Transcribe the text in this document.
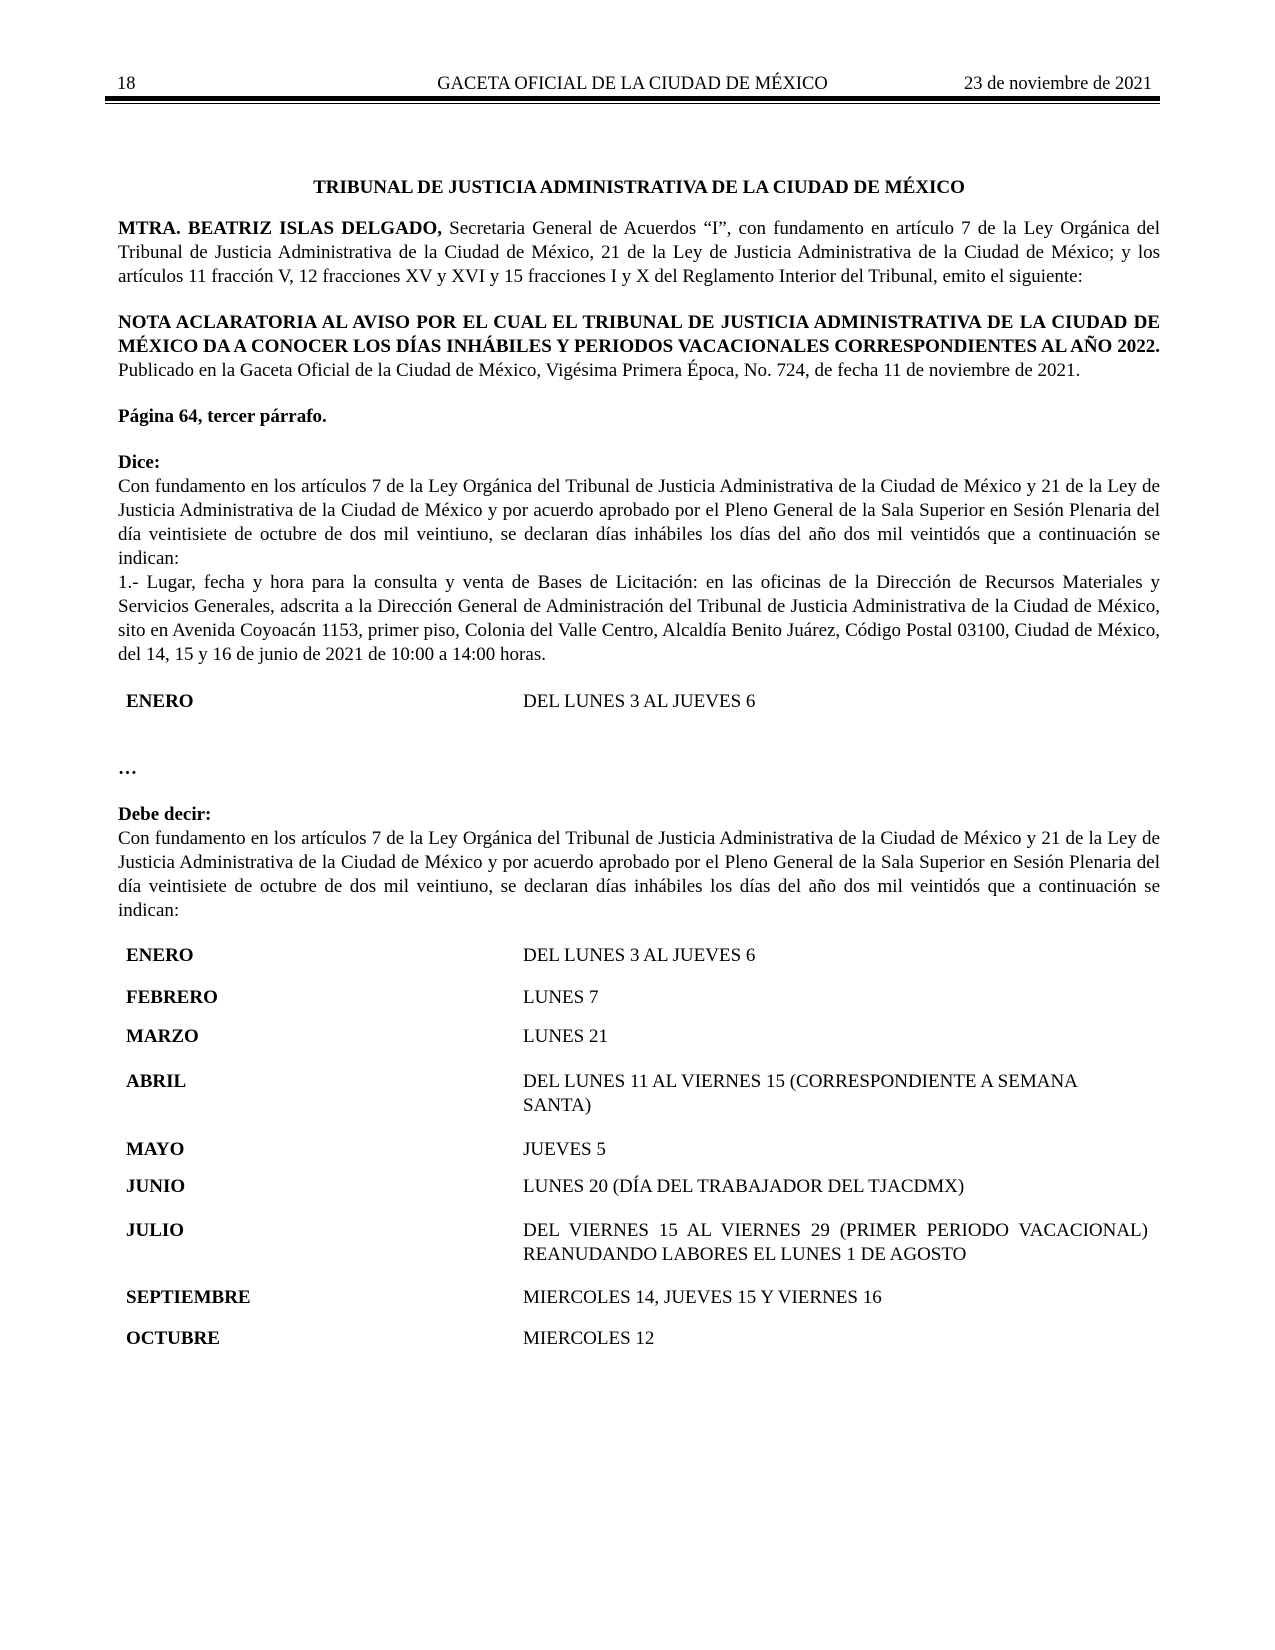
18	GACETA OFICIAL DE LA CIUDAD DE MÉXICO	23 de noviembre de 2021

TRIBUNAL DE JUSTICIA ADMINISTRATIVA DE LA CIUDAD DE MÉXICO

MTRA. BEATRIZ ISLAS DELGADO, Secretaria General de Acuerdos “I”, con fundamento en artículo 7 de la Ley Orgánica del Tribunal de Justicia Administrativa de la Ciudad de México, 21 de la Ley de Justicia Administrativa de la Ciudad de México; y los artículos 11 fracción V, 12 fracciones XV y XVI y 15 fracciones I y X del Reglamento Interior del Tribunal, emito el siguiente:

NOTA ACLARATORIA AL AVISO POR EL CUAL EL TRIBUNAL DE JUSTICIA ADMINISTRATIVA DE LA CIUDAD DE MÉXICO DA A CONOCER LOS DÍAS INHÁBILES Y PERIODOS VACACIONALES CORRESPONDIENTES AL AÑO 2022. Publicado en la Gaceta Oficial de la Ciudad de México, Vigésima Primera Época, No. 724, de fecha 11 de noviembre de 2021.

Página 64, tercer párrafo.

Dice:

Con fundamento en los artículos 7 de la Ley Orgánica del Tribunal de Justicia Administrativa de la Ciudad de México y 21 de la Ley de Justicia Administrativa de la Ciudad de México y por acuerdo aprobado por el Pleno General de la Sala Superior en Sesión Plenaria del día veintisiete de octubre de dos mil veintiuno, se declaran días inhábiles los días del año dos mil veintidós que a continuación se indican:

1.- Lugar, fecha y hora para la consulta y venta de Bases de Licitación: en las oficinas de la Dirección de Recursos Materiales y Servicios Generales, adscrita a la Dirección General de Administración del Tribunal de Justicia Administrativa de la Ciudad de México, sito en Avenida Coyoacán 1153, primer piso, Colonia del Valle Centro, Alcaldía Benito Juárez, Código Postal 03100, Ciudad de México, del 14, 15 y 16 de junio de 2021 de 10:00 a 14:00 horas.

ENERO	DEL LUNES 3 AL JUEVES 6

…

Debe decir:

Con fundamento en los artículos 7 de la Ley Orgánica del Tribunal de Justicia Administrativa de la Ciudad de México y 21 de la Ley de Justicia Administrativa de la Ciudad de México y por acuerdo aprobado por el Pleno General de la Sala Superior en Sesión Plenaria del día veintisiete de octubre de dos mil veintiuno, se declaran días inhábiles los días del año dos mil veintidós que a continuación se indican:

ENERO	DEL LUNES 3 AL JUEVES 6
FEBRERO	LUNES 7
MARZO	LUNES 21
ABRIL	DEL LUNES 11 AL VIERNES 15 (CORRESPONDIENTE A SEMANA SANTA)
MAYO	JUEVES 5
JUNIO	LUNES 20 (DÍA DEL TRABAJADOR DEL TJACDMX)
JULIO	DEL VIERNES 15 AL VIERNES 29 (PRIMER PERIODO VACACIONAL) REANUDANDO LABORES EL LUNES 1 DE AGOSTO
SEPTIEMBRE	MIERCOLES 14, JUEVES 15 Y VIERNES 16
OCTUBRE	MIERCOLES 12
